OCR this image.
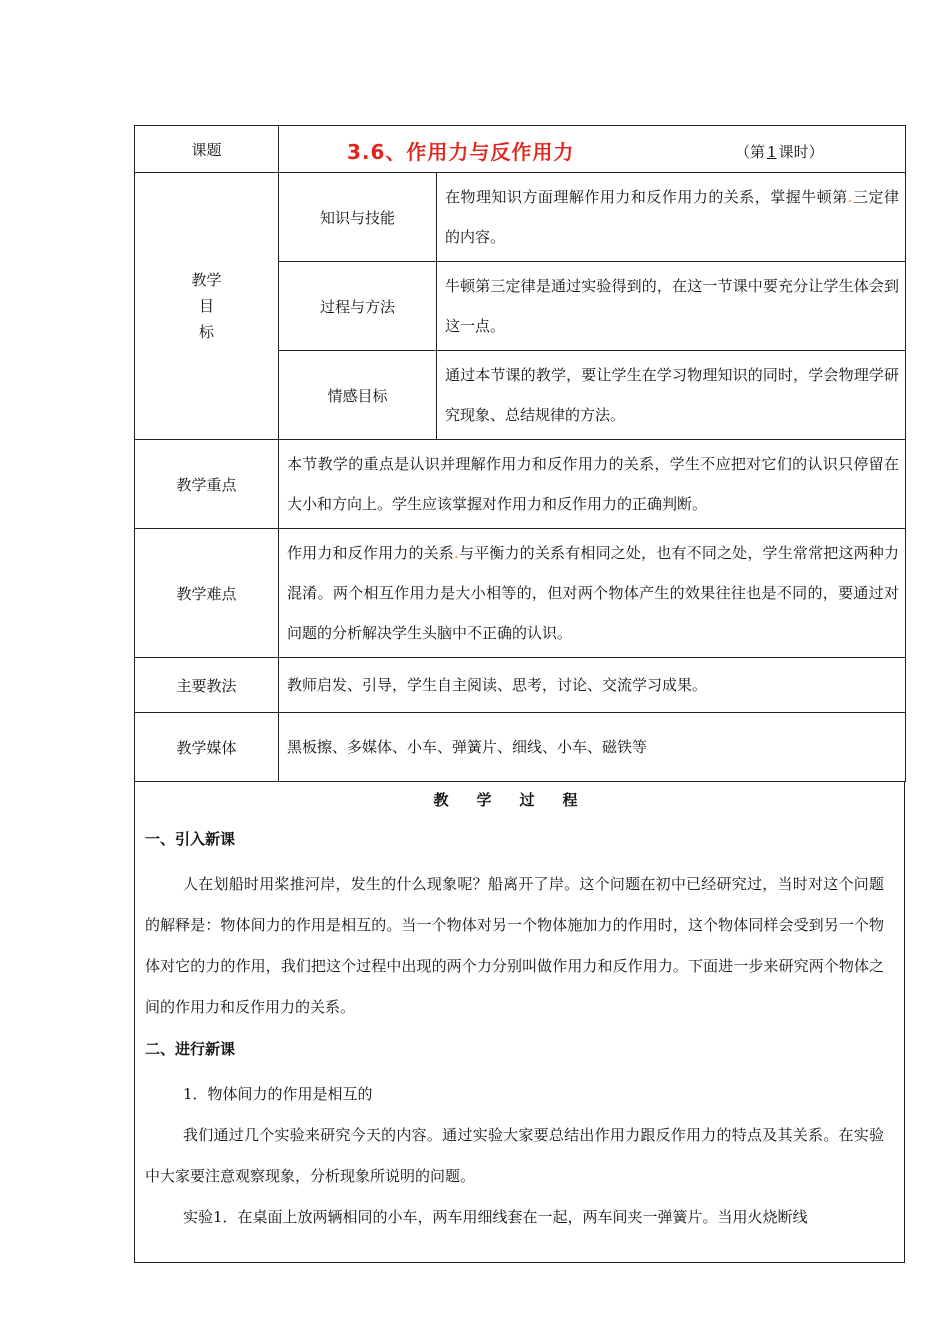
课题	3.6、作用力与反作用力 （第 1 课时）	

教学
目
标	知识与技能	在物理知识方面理解作用力和反作用力的关系，掌握牛顿第.三定律的内容。
	过程与方法	牛顿第三定律是通过实验得到的，在这一节课中要充分让学生体会到这一点。
	情感目标	通过本节课的教学，要让学生在学习物理知识的同时，学会物理学研究现象、总结规律的方法。
教学重点	本节教学的重点是认识并理解作用力和反作用力的关系，学生不应把对它们的认识只停留在大小和方向上。学生应该掌握对作用力和反作用力的正确判断。	
教学难点	作用力和反作用力的关系.与平衡力的关系有相同之处，也有不同之处，学生常常把这两种力混淆。两个相互作用力是大小相等的，但对两个物体产生的效果往往也是不同的，要通过对问题的分析解决学生头脑中不正确的认识。	
主要教法	教师启发、引导，学生自主阅读、思考，讨论、交流学习成果。	
教学媒体	黑板擦、多媒体、小车、弹簧片、细线、小车、磁铁等	
教学过程
一、引入新课
人在划船时用桨推河岸，发生的什么现象呢？船离开了岸。这个问题在初中已经研究过，当时对这个问题的解释是：物体间力的作用是相互的。当一个物体对另一个物体施加力的作用时，这个物体同样会受到另一个物体对它的力的作用，我们把这个过程中出现的两个力分别叫做作用力和反作用力。下面进一步来研究两个物体之间的作用力和反作用力的关系。
二、进行新课
1．物体间力的作用是相互的
我们通过几个实验来研究今天的内容。通过实验大家要总结出作用力跟反作用力的特点及其关系。在实验中大家要注意观察现象，分析现象所说明的问题。
实验1．在桌面上放两辆相同的小车，两车用细线套在一起，两车间夹一弹簧片。当用火烧断线
